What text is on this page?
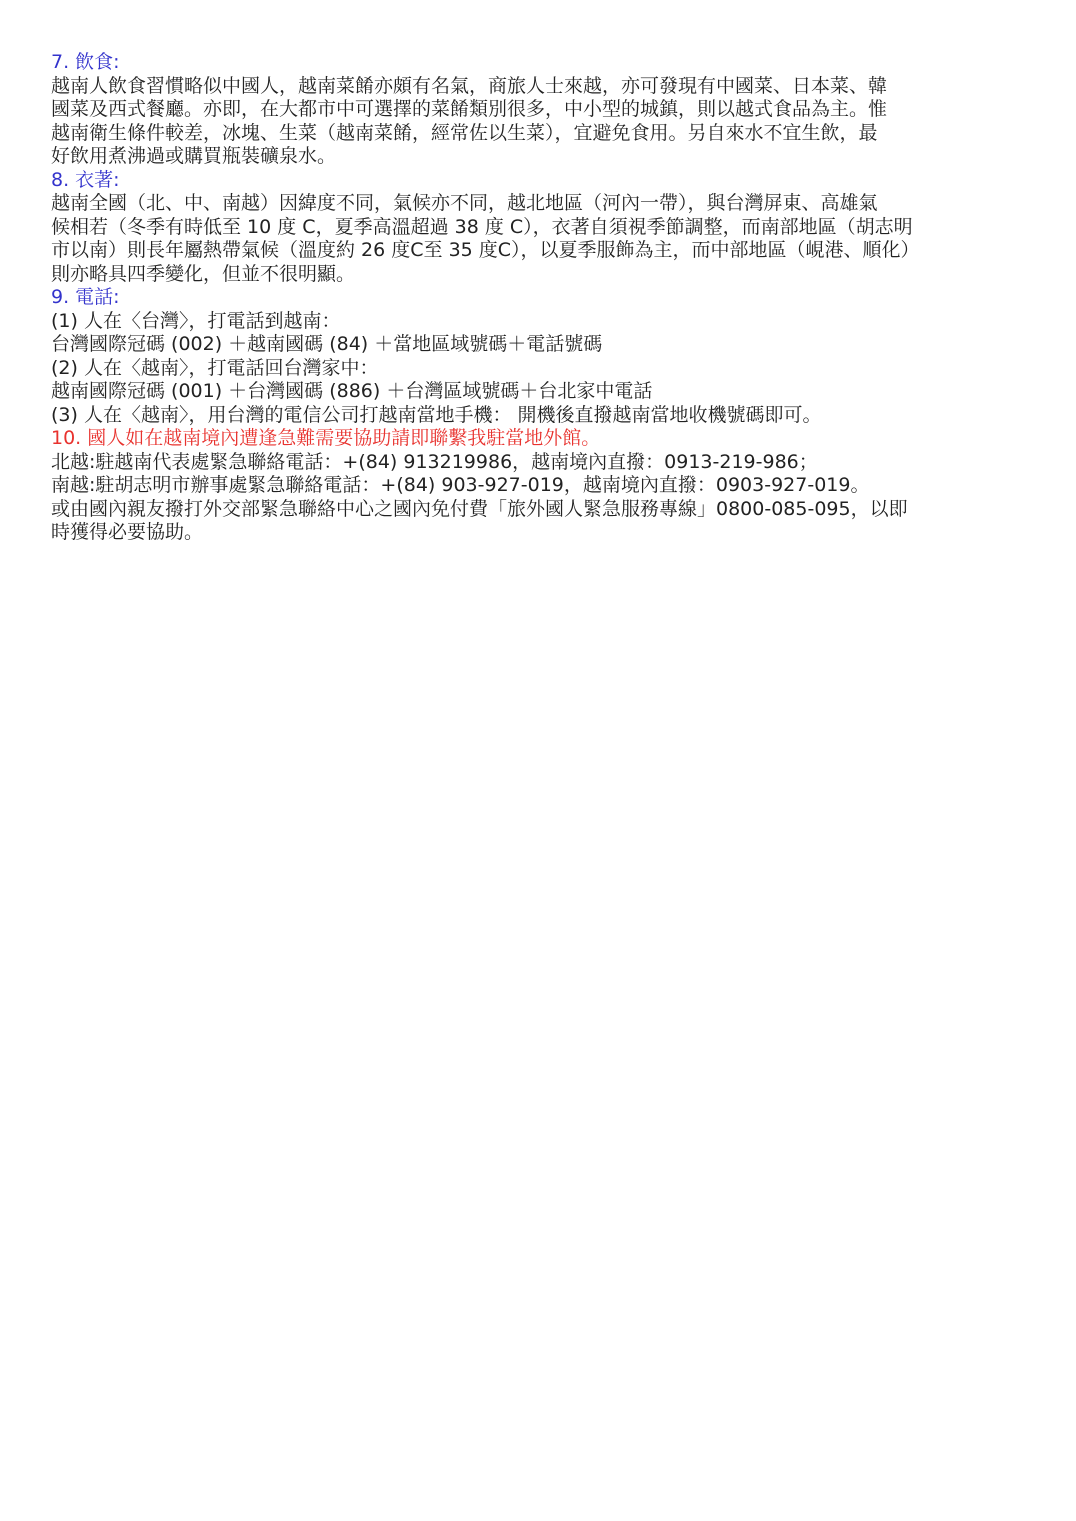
7. 飲食:

越南人飲食習慣略似中國人，越南菜餚亦頗有名氣，商旅人士來越，亦可發現有中國菜、日本菜、韓

國菜及西式餐廳。亦即，在大都市中可選擇的菜餚類別很多，中小型的城鎮，則以越式食品為主。惟

越南衛生條件較差，冰塊、生菜（越南菜餚，經常佐以生菜），宜避免食用。另自來水不宜生飲，最

好飲用煮沸過或購買瓶裝礦泉水。

8. 衣著:

越南全國（北、中、南越）因緯度不同，氣候亦不同，越北地區（河內一帶），與台灣屏東、高雄氣

候相若（冬季有時低至 10 度 C，夏季高溫超過 38 度 C），衣著自須視季節調整，而南部地區（胡志明

市以南）則長年屬熱帶氣候（溫度約 26 度C至 35 度C），以夏季服飾為主，而中部地區（峴港、順化）

則亦略具四季變化，但並不很明顯。

9. 電話:

(1) 人在〈台灣〉，打電話到越南：

台灣國際冠碼 (002) ＋越南國碼 (84) ＋當地區域號碼＋電話號碼

(2) 人在〈越南〉，打電話回台灣家中：

越南國際冠碼 (001) ＋台灣國碼 (886) ＋台灣區域號碼＋台北家中電話

(3) 人在〈越南〉，用台灣的電信公司打越南當地手機： 開機後直撥越南當地收機號碼即可。

10. 國人如在越南境內遭逢急難需要協助請即聯繫我駐當地外館。

北越:駐越南代表處緊急聯絡電話：+(84) 913219986，越南境內直撥：0913-219-986；

南越:駐胡志明市辦事處緊急聯絡電話：+(84) 903-927-019，越南境內直撥：0903-927-019。

或由國內親友撥打外交部緊急聯絡中心之國內免付費「旅外國人緊急服務專線」0800-085-095，以即

時獲得必要協助。
